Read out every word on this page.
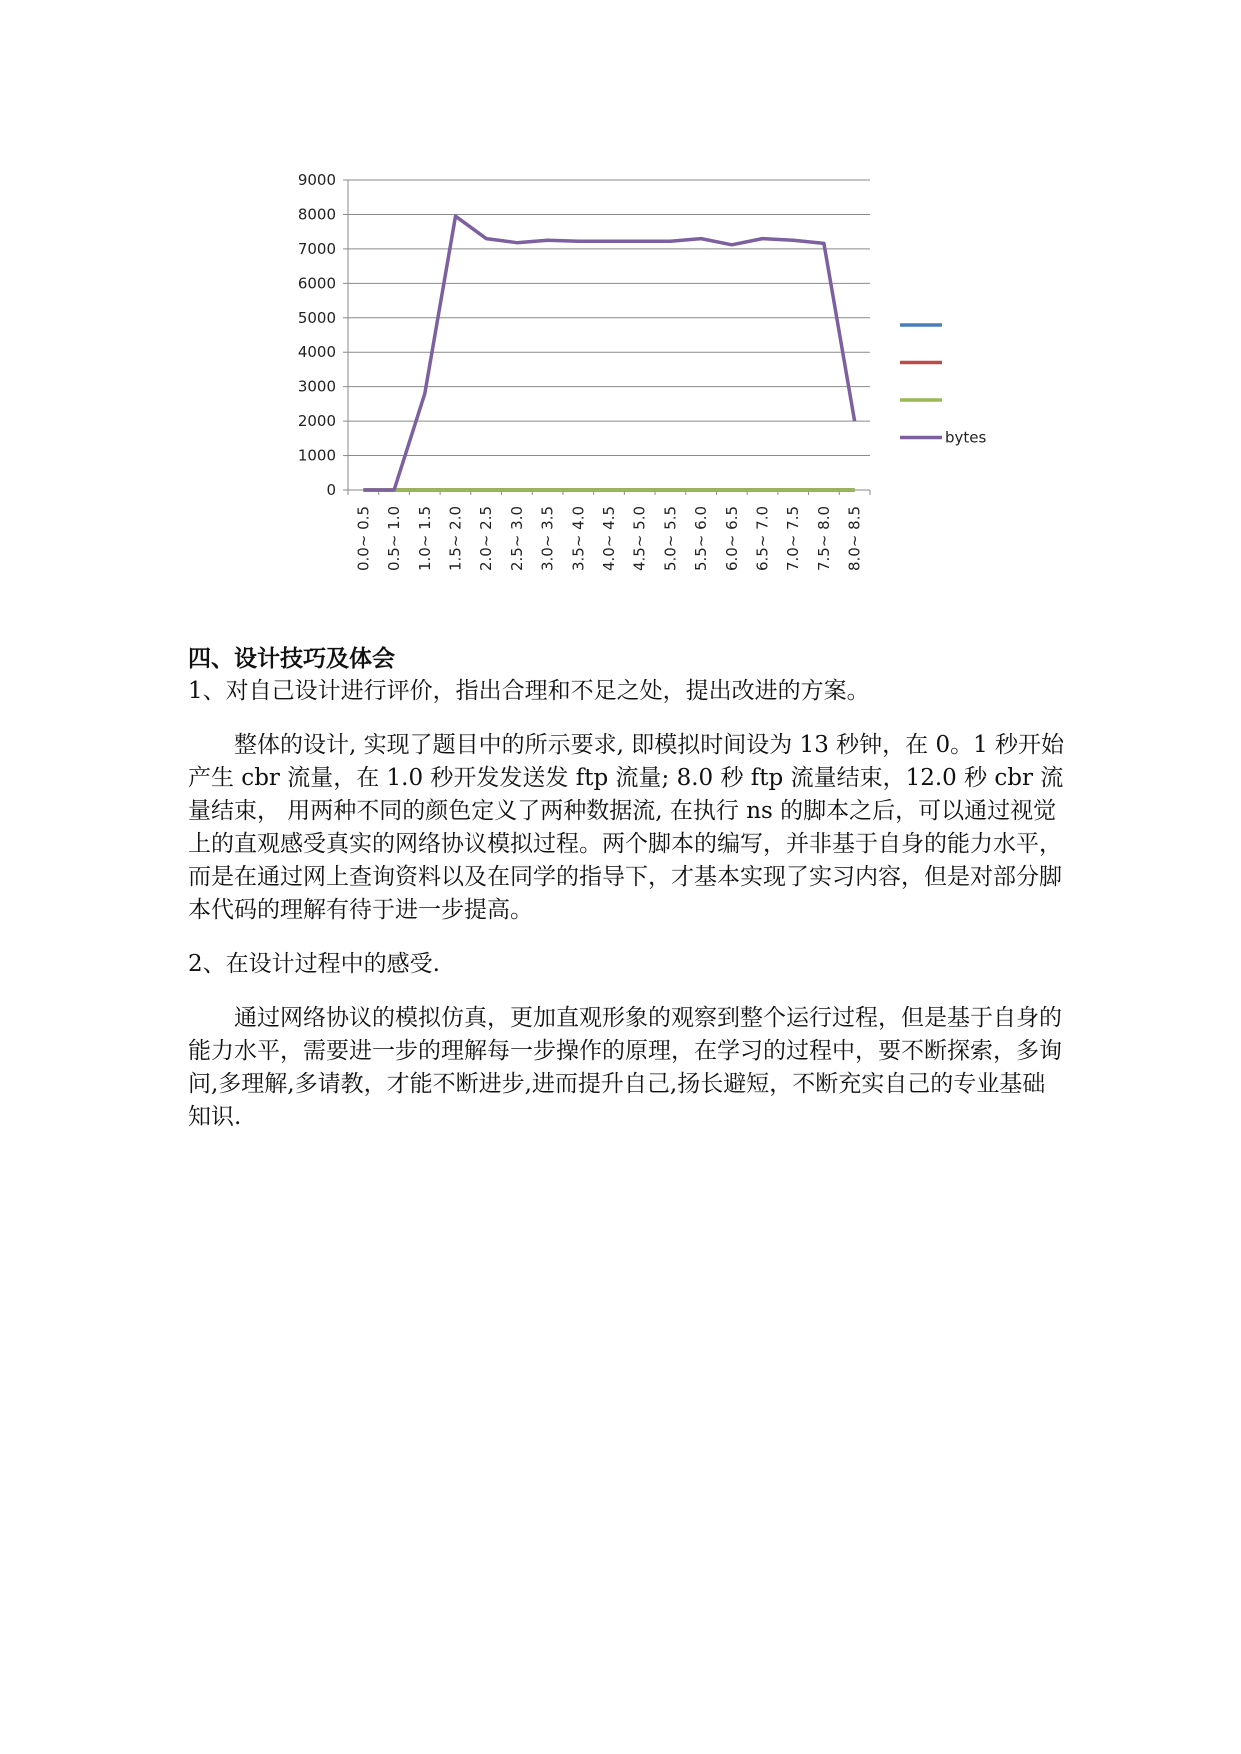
0
1000
2000
3000
4000
5000
6000
7000
8000
9000
0.0~ 0.5 0.5~ 1.0 1.0~ 1.5 1.5~ 2.0 2.0~ 2.5 2.5~ 3.0 3.0~ 3.5 3.5~ 4.0 4.0~ 4.5 4.5~ 5.0 5.0~ 5.5 5.5~ 6.0 6.0~ 6.5 6.5~ 7.0 7.0~ 7.5 7.5~ 8.0 8.0~ 8.5
bytes

四、设计技巧及体会

1、对自己设计进行评价，指出合理和不足之处，提出改进的方案。

整体的设计, 实现了题目中的所示要求, 即模拟时间设为 13 秒钟，在 0。1 秒开始产生 cbr 流量，在 1.0 秒开发发送发 ftp 流量; 8.0 秒 ftp 流量结束，12.0 秒 cbr 流量结束， 用两种不同的颜色定义了两种数据流, 在执行 ns 的脚本之后，可以通过视觉上的直观感受真实的网络协议模拟过程。两个脚本的编写，并非基于自身的能力水平，而是在通过网上查询资料以及在同学的指导下，才基本实现了实习内容，但是对部分脚本代码的理解有待于进一步提高。

2、在设计过程中的感受.

通过网络协议的模拟仿真，更加直观形象的观察到整个运行过程，但是基于自身的能力水平，需要进一步的理解每一步操作的原理，在学习的过程中，要不断探索，多询问,多理解,多请教，才能不断进步,进而提升自己,扬长避短，不断充实自己的专业基础知识.
